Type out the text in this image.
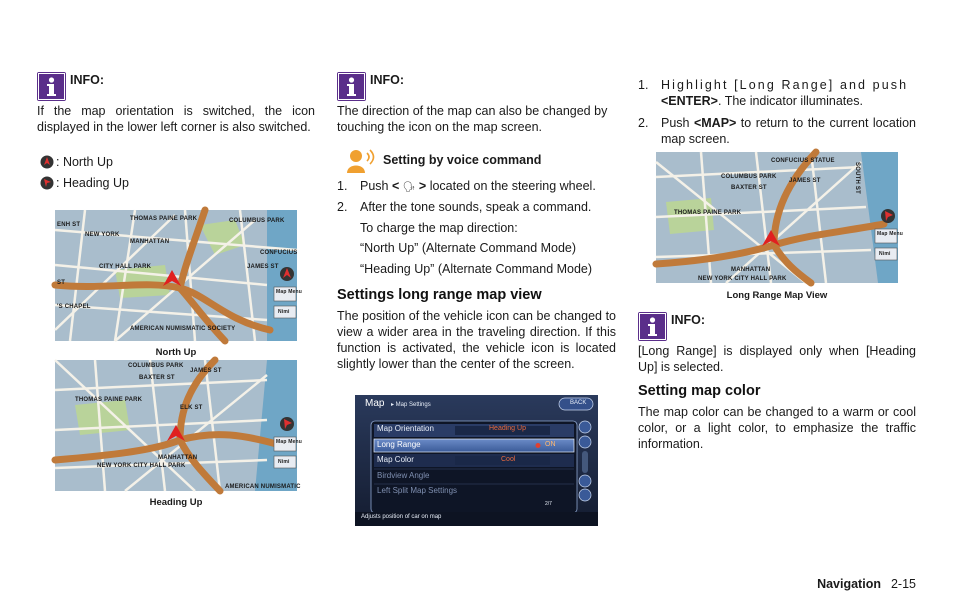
INFO:

If the map orientation is switched, the icon displayed in the lower left corner is also switched.

: North Up
: Heading Up
THOMAS PAINE PARK	COLUMBUS PARK
NEW YORK
MANHATTAN
CONFUCIUS
CITY HALL PARK	JAMES ST
'S CHAPEL
AMERICAN NUMISMATIC SOCIETY
ST
ENH ST
Map Menu
Nimi
North Up
COLUMBUS PARK
BAXTER ST
JAMES ST
THOMAS PAINE PARK
ELK ST
MANHATTAN
NEW YORK CITY HALL PARK
AMERICAN NUMISMATIC
Map Menu
Nimi
Heading Up
INFO:

The direction of the map can also be changed by touching the icon on the map screen.

Setting by voice command
1. Push < 🗣 > located on the steering wheel.
2. After the tone sounds, speak a command.
To charge the map direction:
“North Up” (Alternate Command Mode)
“Heading Up” (Alternate Command Mode)
Settings long range map view

The position of the vehicle icon can be changed to view a wider area in the traveling direction. If this function is activated, the vehicle icon is located slightly lower than the center of the screen.

Map ▸ Map Settings	BACK
Map Orientation	Heading Up
Long Range	ON
Map Color	Cool
Birdview Angle
Left Split Map Settings
2/7
Adjusts position of car on map
1. Highlight [Long Range] and push
<ENTER>. The indicator illuminates.
2. Push <MAP> to return to the current location map screen.

CONFUCIUS STATUE
COLUMBUS PARK
BAXTER ST
JAMES ST
THOMAS PAINE PARK
MANHATTAN
NEW YORK CITY HALL PARK
SOUTH ST
Map Menu
Nimi
Long Range Map View
INFO:

[Long Range] is displayed only when [Heading Up] is selected.

Setting map color

The map color can be changed to a warm or cool color, or a light color, to emphasize the traffic information.

Navigation 2-15
